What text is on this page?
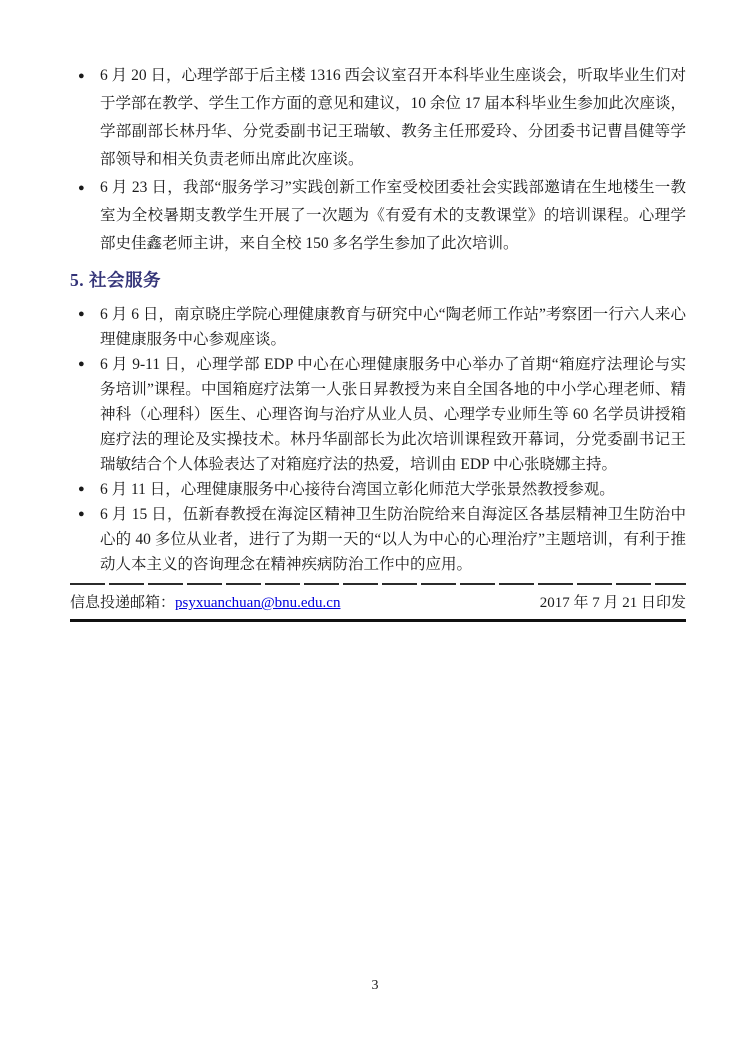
● 6 月 20 日，心理学部于后主楼 1316 西会议室召开本科毕业生座谈会，听取毕业生们对于学部在教学、学生工作方面的意见和建议，10 余位 17 届本科毕业生参加此次座谈，学部副部长林丹华、分党委副书记王瑞敏、教务主任邢爱玲、分团委书记曹昌健等学部领导和相关负责老师出席此次座谈。
● 6 月 23 日，我部“服务学习”实践创新工作室受校团委社会实践部邀请在生地楼生一教室为全校暑期支教学生开展了一次题为《有爱有术的支教课堂》的培训课程。心理学部史佳鑫老师主讲，来自全校 150 多名学生参加了此次培训。
5. 社会服务
● 6 月 6 日，南京晓庄学院心理健康教育与研究中心“陶老师工作站”考察团一行六人来心理健康服务中心参观座谈。
● 6 月 9-11 日，心理学部 EDP 中心在心理健康服务中心举办了首期“箱庭疗法理论与实务培训”课程。中国箱庭疗法第一人张日昇教授为来自全国各地的中小学心理老师、精神科（心理科）医生、心理咨询与治疗从业人员、心理学专业师生等 60 名学员讲授箱庭疗法的理论及实操技术。林丹华副部长为此次培训课程致开幕词，分党委副书记王瑞敏结合个人体验表达了对箱庭疗法的热爱，培训由 EDP 中心张晓娜主持。
● 6 月 11 日，心理健康服务中心接待台湾国立彰化师范大学张景然教授参观。
● 6 月 15 日，伍新春教授在海淀区精神卫生防治院给来自海淀区各基层精神卫生防治中心的 40 多位从业者，进行了为期一天的“以人为中心的心理治疗”主题培训，有利于推动人本主义的咨询理念在精神疾病防治工作中的应用。
信息投递邮箱： psyxuanchuan@bnu.edu.cn	2017 年 7 月 21 日印发
3
